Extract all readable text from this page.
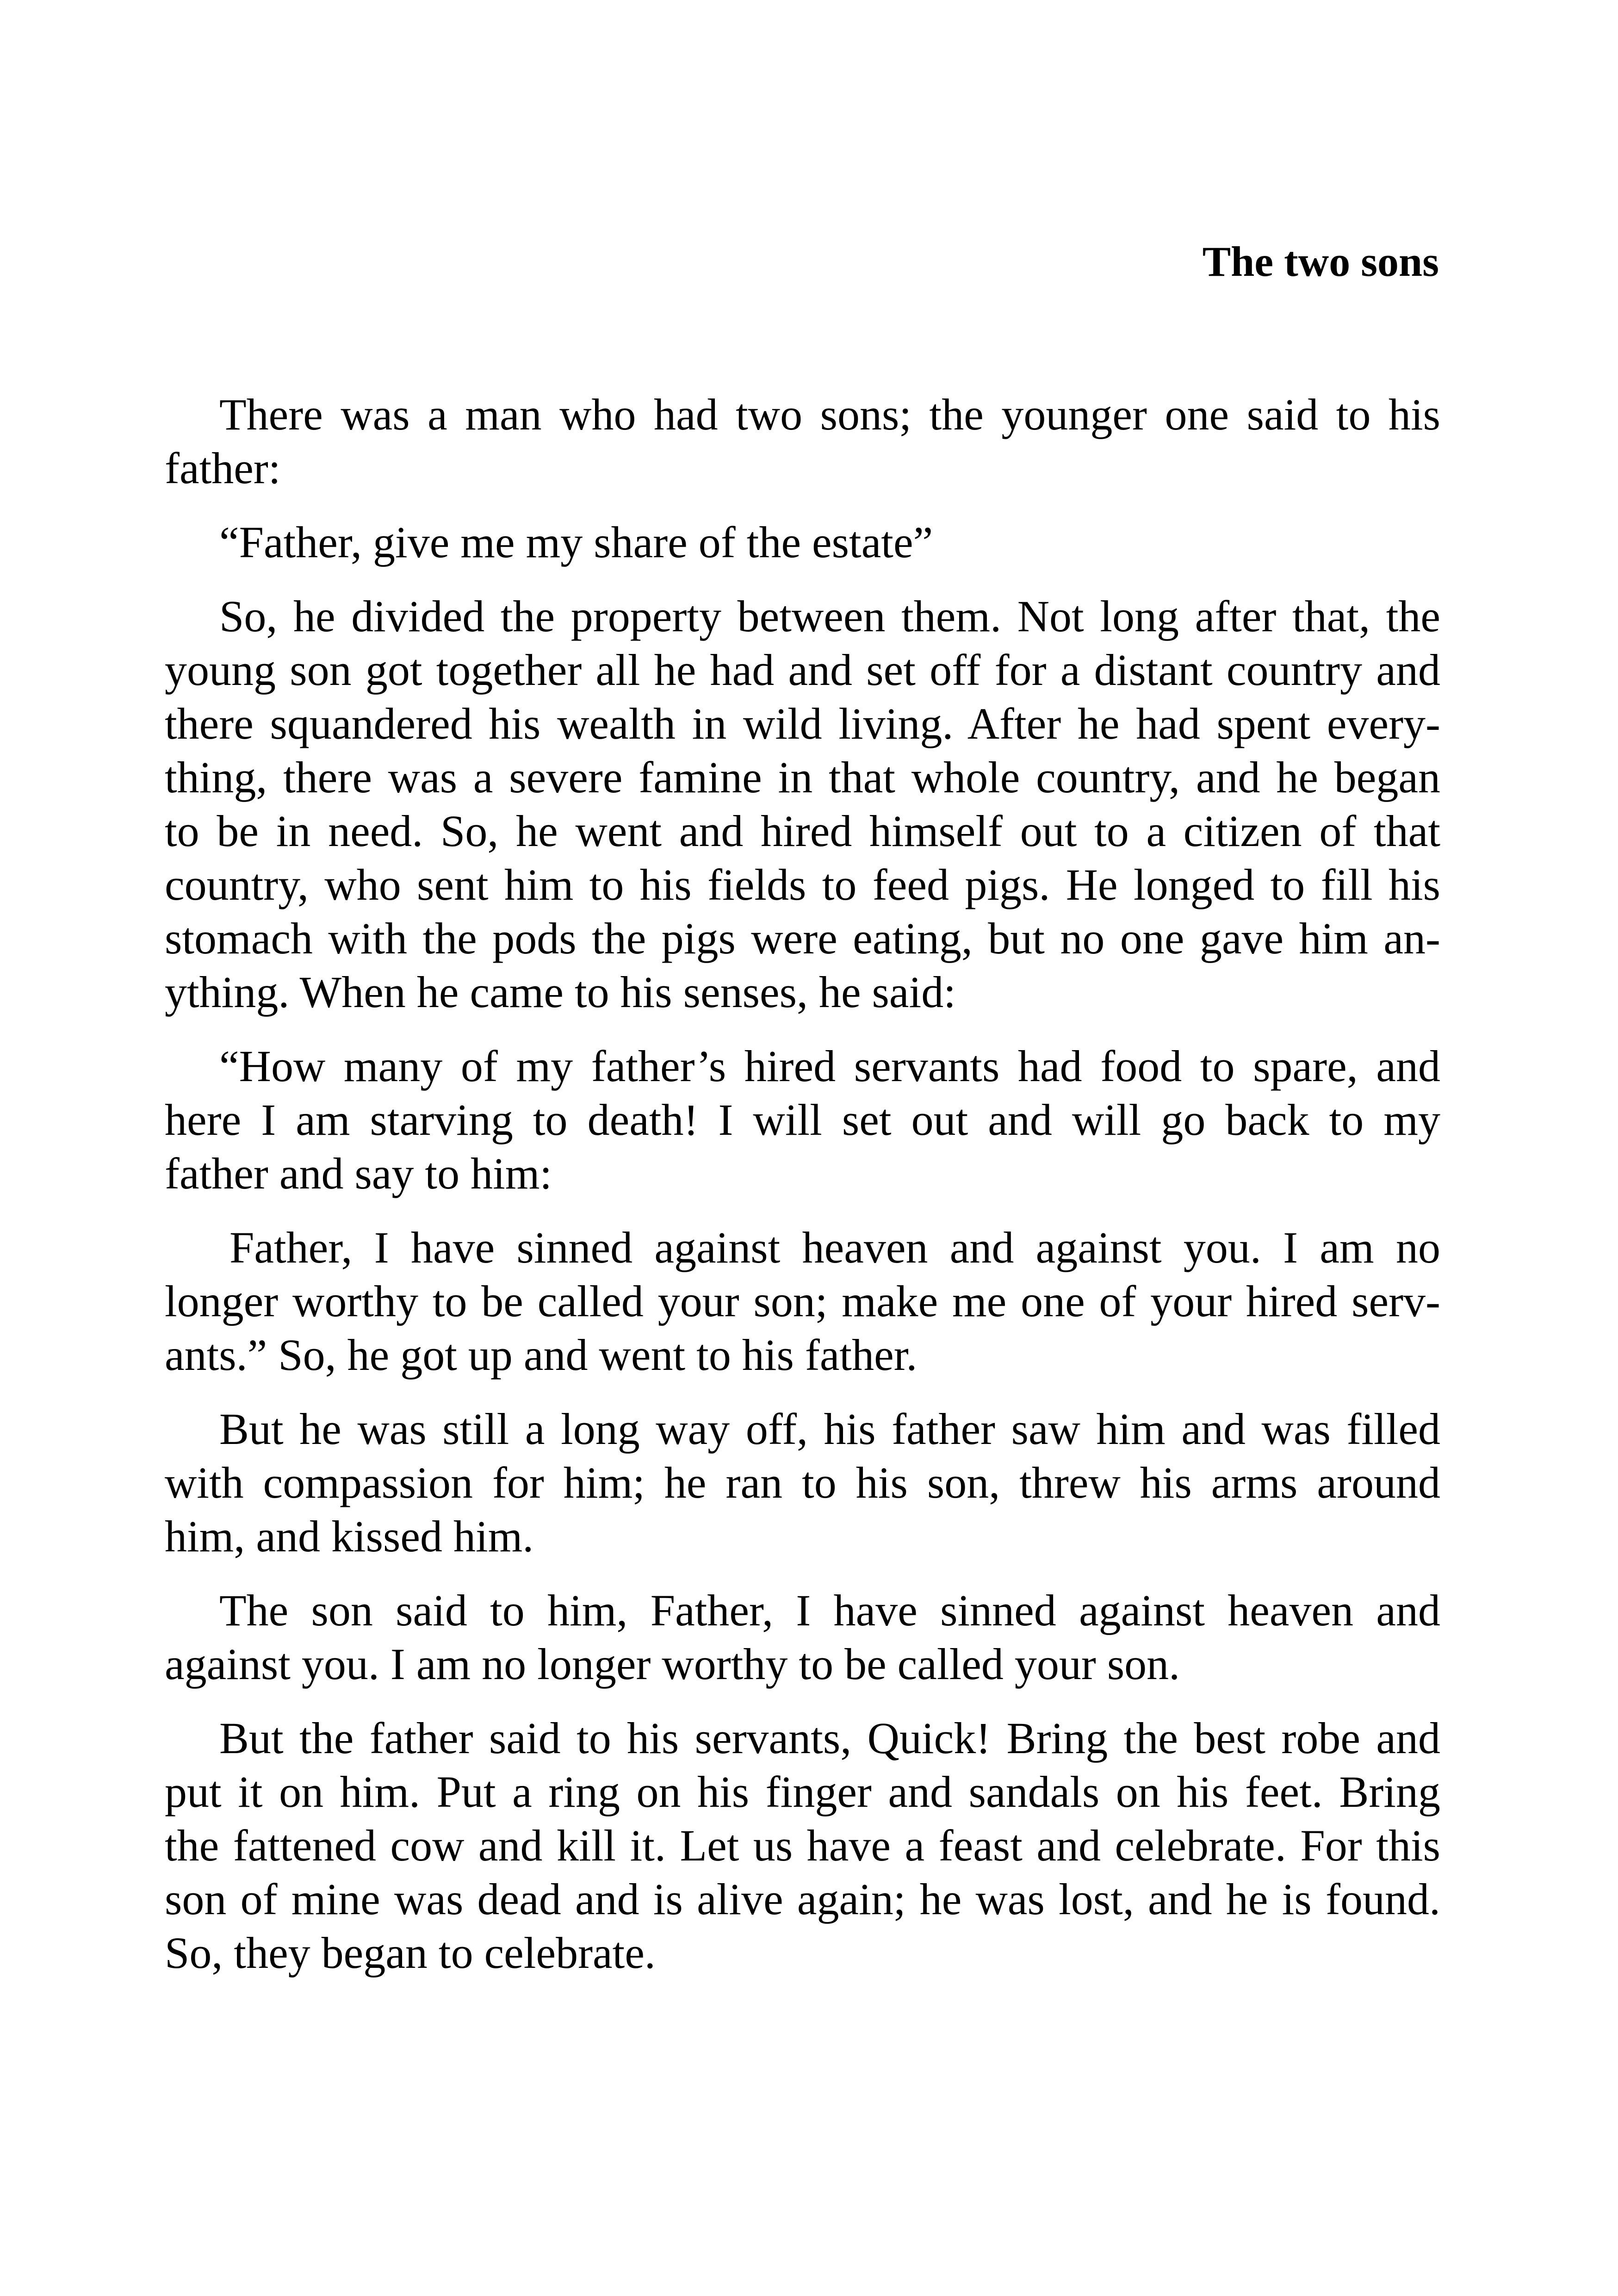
The two sons

There was a man who had two sons; the younger one said to his
father:

“Father, give me my share of the estate”

So, he divided the property between them. Not long after that, the
young son got together all he had and set off for a distant country and
there squandered his wealth in wild living. After he had spent every-
thing, there was a severe famine in that whole country, and he began
to be in need. So, he went and hired himself out to a citizen of that
country, who sent him to his fields to feed pigs. He longed to fill his
stomach with the pods the pigs were eating, but no one gave him an-
ything. When he came to his senses, he said:

“How many of my father’s hired servants had food to spare, and
here I am starving to death! I will set out and will go back to my
father and say to him:

Father, I have sinned against heaven and against you. I am no
longer worthy to be called your son; make me one of your hired serv-
ants.” So, he got up and went to his father.

But he was still a long way off, his father saw him and was filled
with compassion for him; he ran to his son, threw his arms around
him, and kissed him.

The son said to him, Father, I have sinned against heaven and
against you. I am no longer worthy to be called your son.

But the father said to his servants, Quick! Bring the best robe and
put it on him. Put a ring on his finger and sandals on his feet. Bring
the fattened cow and kill it. Let us have a feast and celebrate. For this
son of mine was dead and is alive again; he was lost, and he is found.
So, they began to celebrate.
